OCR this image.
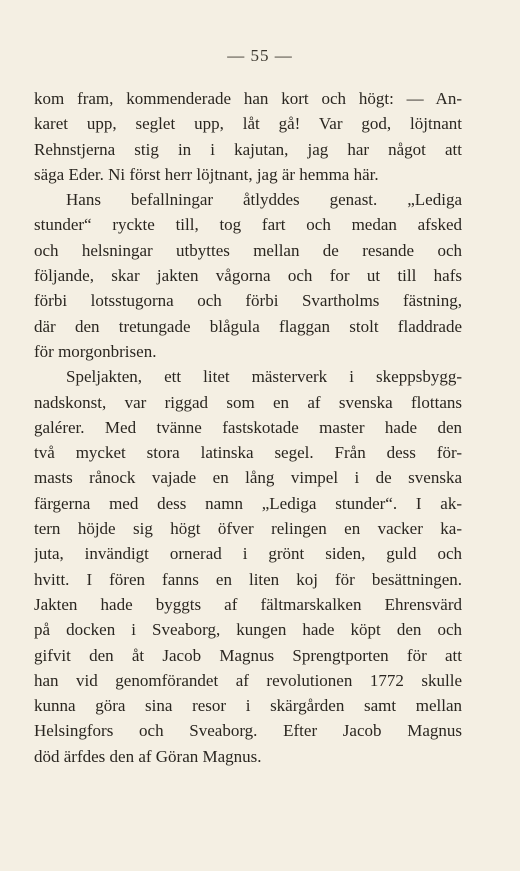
— 55 —
kom fram, kommenderade han kort och högt: — An-
karet upp, seglet upp, låt gå! Var god, löjtnant
Rehnstjerna stig in i kajutan, jag har något att
säga Eder. Ni först herr löjtnant, jag är hemma här.
Hans befallningar åtlyddes genast. „Lediga
stunder“ ryckte till, tog fart och medan afsked
och helsningar utbyttes mellan de resande och
följande, skar jakten vågorna och for ut till hafs
förbi lotsstugorna och förbi Svartholms fästning,
där den tretungade blågula flaggan stolt fladdrade
för morgonbrisen.
Speljakten, ett litet mästerverk i skeppsbygg-
nadskonst, var riggad som en af svenska flottans
galérer. Med tvänne fastskotade master hade den
två mycket stora latinska segel. Från dess för-
masts rånock vajade en lång vimpel i de svenska
färgerna med dess namn „Lediga stunder“. I ak-
tern höjde sig högt öfver relingen en vacker ka-
juta, invändigt ornerad i grönt siden, guld och
hvitt. I fören fanns en liten koj för besättningen.
Jakten hade byggts af fältmarskalken Ehrensvärd
på docken i Sveaborg, kungen hade köpt den och
gifvit den åt Jacob Magnus Sprengtporten för att
han vid genomförandet af revolutionen 1772 skulle
kunna göra sina resor i skärgården samt mellan
Helsingfors och Sveaborg. Efter Jacob Magnus
död ärfdes den af Göran Magnus.
